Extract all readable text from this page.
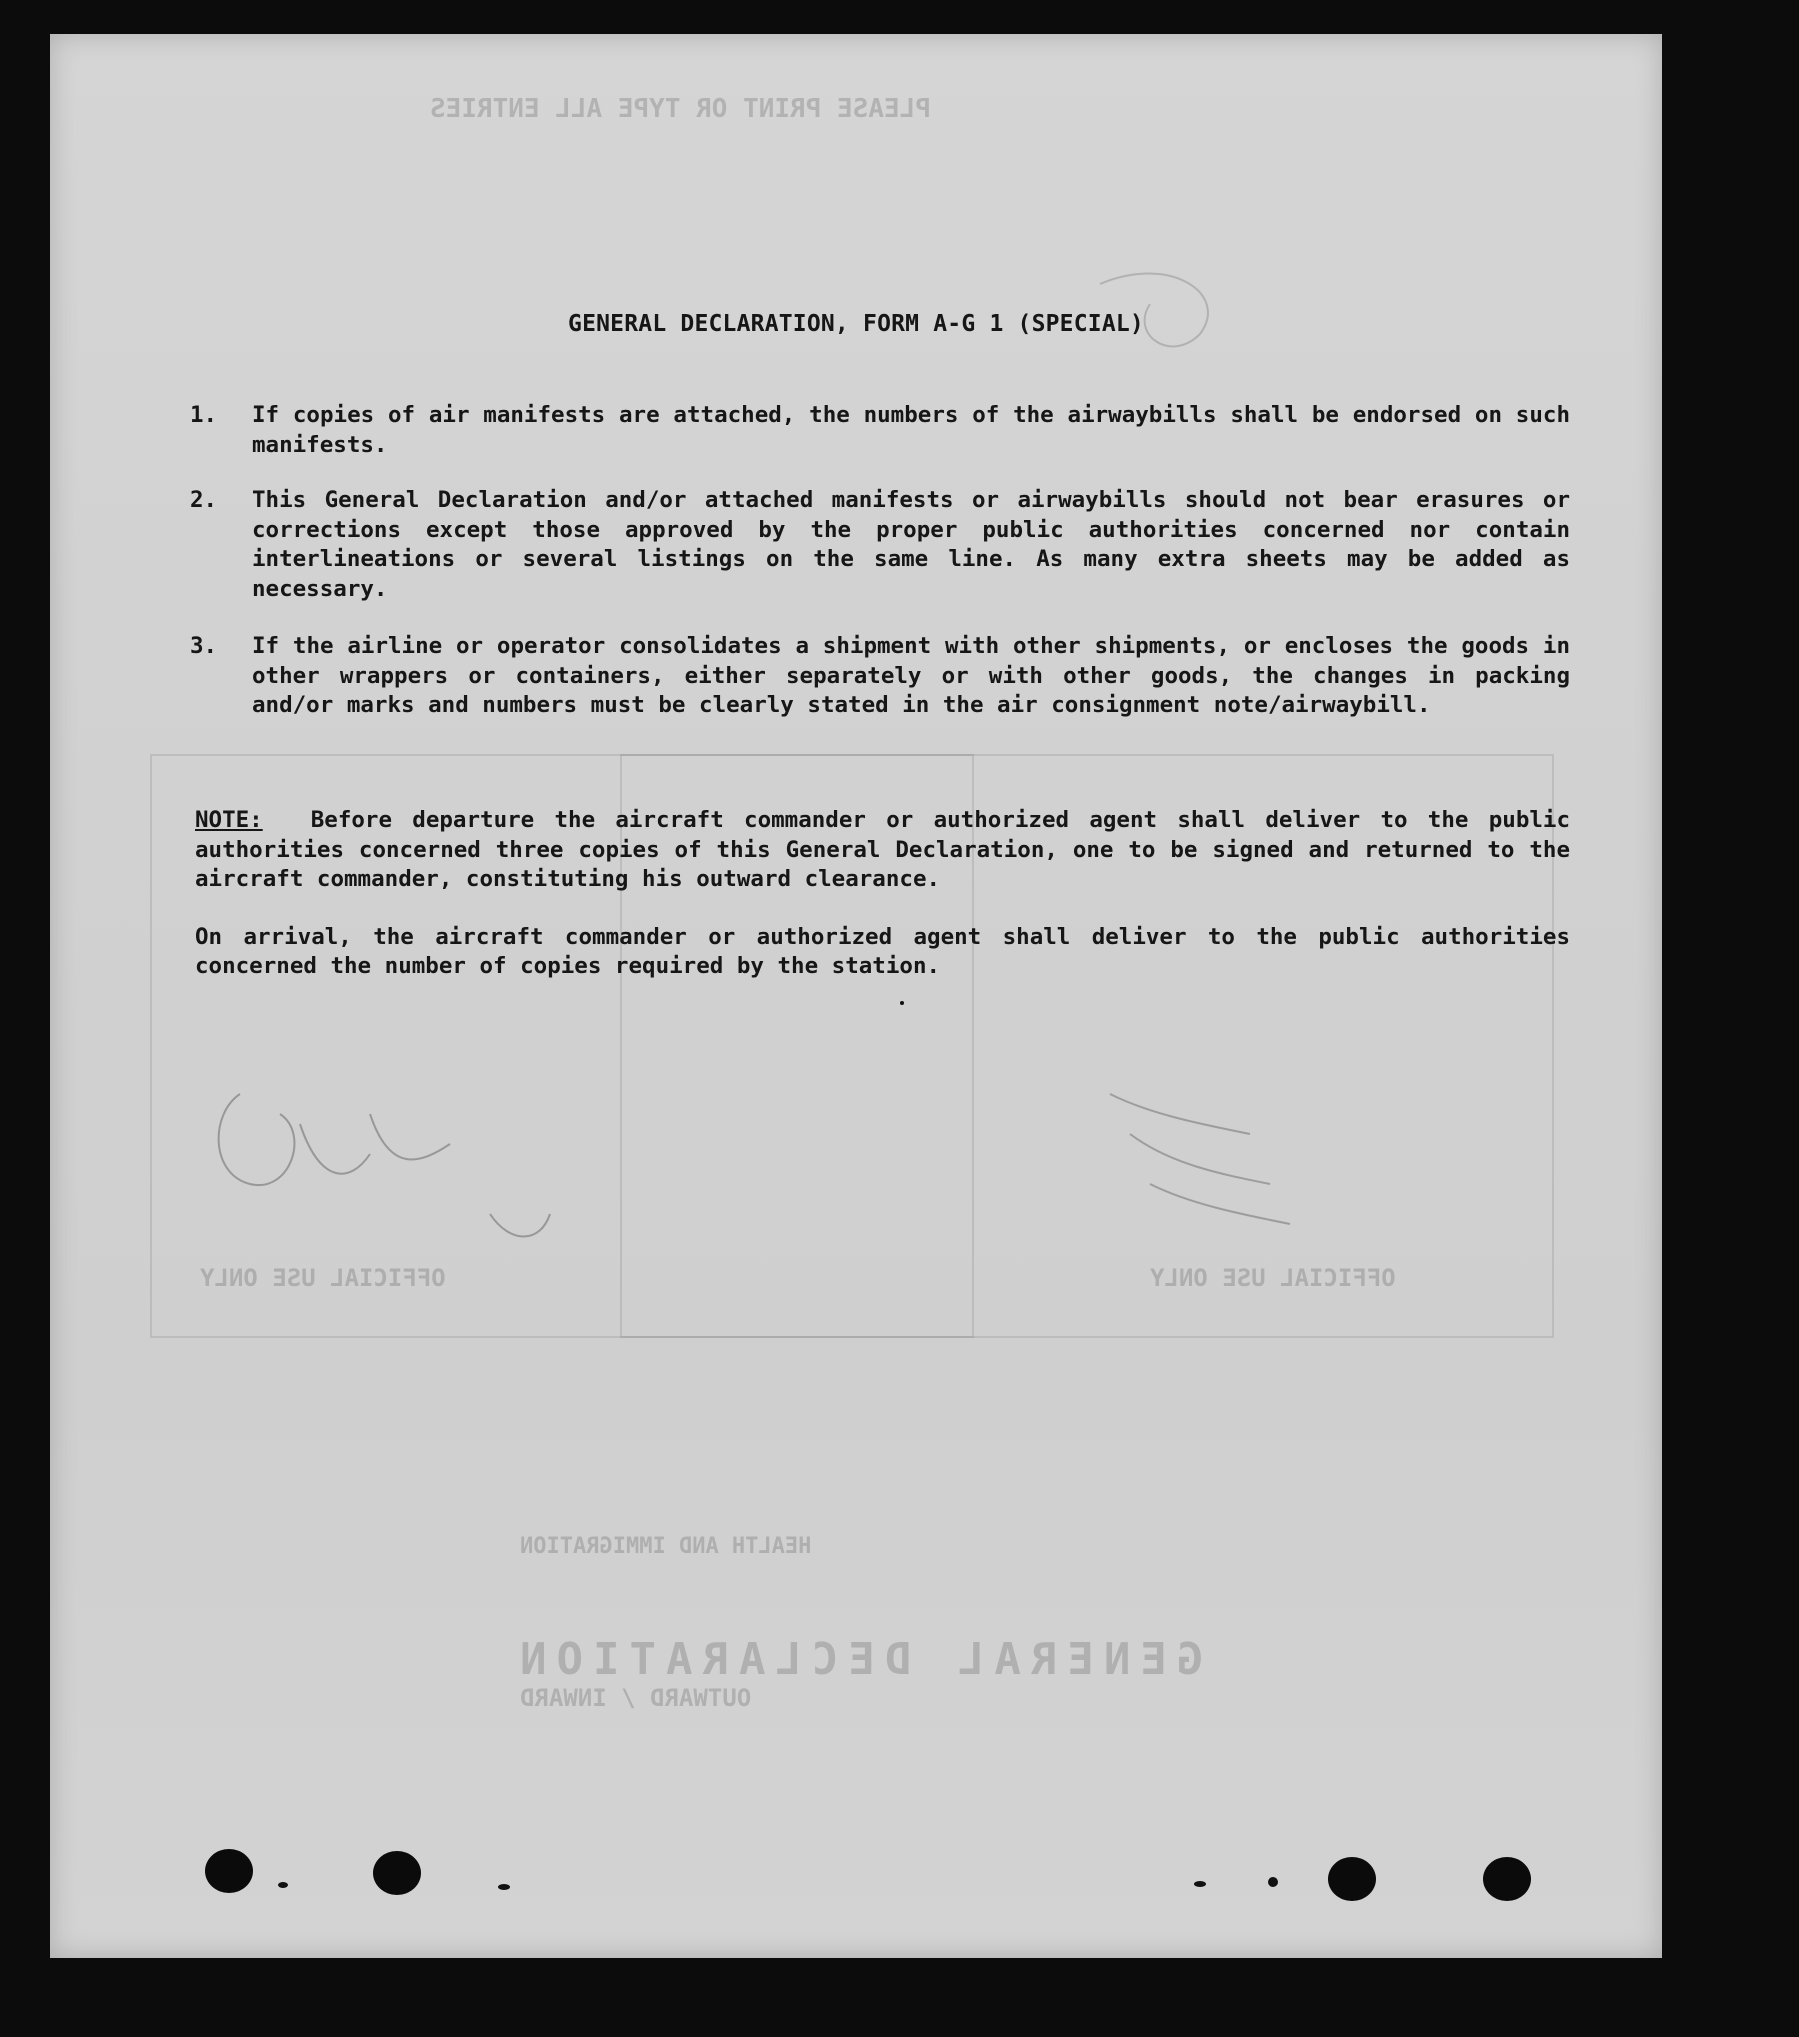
PLEASE PRINT OR TYPE ALL ENTRIES
GENERAL DECLARATION
OUTWARD / INWARD
HEALTH AND IMMIGRATION
OFFICIAL USE ONLY
OFFICIAL USE ONLY
GENERAL DECLARATION, FORM A-G 1 (SPECIAL)
1. If copies of air manifests are attached, the numbers of the airwaybills shall be endorsed on such manifests.

2. This General Declaration and/or attached manifests or airwaybills should not bear erasures or corrections except those approved by the proper public authorities concerned nor contain interlineations or several listings on the same line. As many extra sheets may be added as necessary.

3. If the airline or operator consolidates a shipment with other shipments, or encloses the goods in other wrappers or containers, either separately or with other goods, the changes in packing and/or marks and numbers must be clearly stated in the air consignment note/airwaybill.

NOTE: Before departure the aircraft commander or authorized agent shall deliver to the public authorities concerned three copies of this General Declaration, one to be signed and returned to the aircraft commander, constituting his outward clearance.

On arrival, the aircraft commander or authorized agent shall deliver to the public authorities concerned the number of copies required by the station.
